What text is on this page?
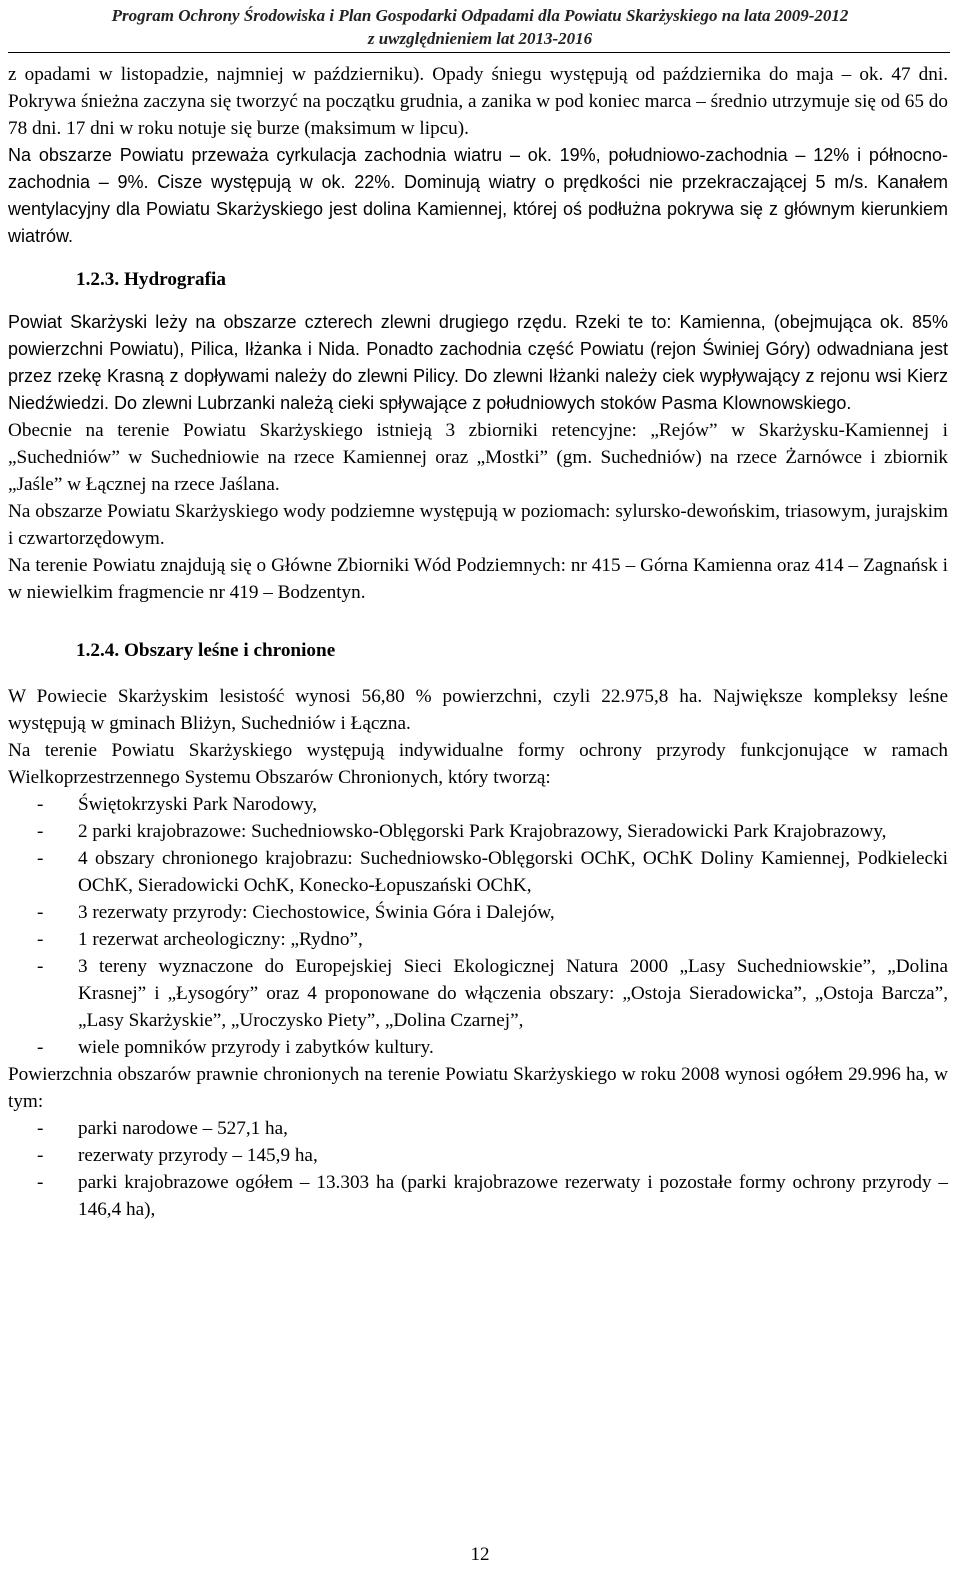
Program Ochrony Środowiska i Plan Gospodarki Odpadami dla Powiatu Skarżyskiego na lata 2009-2012
z uwzględnieniem lat 2013-2016

z opadami w listopadzie, najmniej w październiku). Opady śniegu występują od października do maja – ok. 47 dni. Pokrywa śnieżna zaczyna się tworzyć na początku grudnia, a zanika w pod koniec marca – średnio utrzymuje się od 65 do 78 dni. 17 dni w roku notuje się burze (maksimum w lipcu).

Na obszarze Powiatu przeważa cyrkulacja zachodnia wiatru – ok. 19%, południowo-zachodnia – 12% i północno-zachodnia – 9%. Cisze występują w ok. 22%. Dominują wiatry o prędkości nie przekraczającej 5 m/s. Kanałem wentylacyjny dla Powiatu Skarżyskiego jest dolina Kamiennej, której oś podłużna pokrywa się z głównym kierunkiem wiatrów.

1.2.3. Hydrografia

Powiat Skarżyski leży na obszarze czterech zlewni drugiego rzędu. Rzeki te to: Kamienna, (obejmująca ok. 85% powierzchni Powiatu), Pilica, Iłżanka i Nida. Ponadto zachodnia część Powiatu (rejon Świniej Góry) odwadniana jest przez rzekę Krasną z dopływami należy do zlewni Pilicy. Do zlewni Iłżanki należy ciek wypływający z rejonu wsi Kierz Niedźwiedzi. Do zlewni Lubrzanki należą cieki spływające z południowych stoków Pasma Klownowskiego.

Obecnie na terenie Powiatu Skarżyskiego istnieją 3 zbiorniki retencyjne: „Rejów” w Skarżysku-Kamiennej i „Suchedniów” w Suchedniowie na rzece Kamiennej oraz „Mostki” (gm. Suchedniów) na rzece Żarnówce i zbiornik „Jaśle” w Łącznej na rzece Jaślana.

Na obszarze Powiatu Skarżyskiego wody podziemne występują w poziomach: sylursko-dewońskim, triasowym, jurajskim i czwartorzędowym.

Na terenie Powiatu znajdują się o Główne Zbiorniki Wód Podziemnych: nr 415 – Górna Kamienna oraz 414 – Zagnańsk i w niewielkim fragmencie nr 419 – Bodzentyn.

1.2.4. Obszary leśne i chronione

W Powiecie Skarżyskim lesistość wynosi 56,80 % powierzchni, czyli 22.975,8 ha. Największe kompleksy leśne występują w gminach Bliżyn, Suchedniów i Łączna.

Na terenie Powiatu Skarżyskiego występują indywidualne formy ochrony przyrody funkcjonujące w ramach Wielkoprzestrzennego Systemu Obszarów Chronionych, który tworzą:

- Świętokrzyski Park Narodowy,
- 2 parki krajobrazowe: Suchedniowsko-Oblęgorski Park Krajobrazowy, Sieradowicki Park Krajobrazowy,
- 4 obszary chronionego krajobrazu: Suchedniowsko-Oblęgorski OChK, OChK Doliny Kamiennej, Podkielecki OChK, Sieradowicki OchK, Konecko-Łopuszański OChK,
- 3 rezerwaty przyrody: Ciechostowice, Świnia Góra i Dalejów,
- 1 rezerwat archeologiczny: „Rydno”,
- 3 tereny wyznaczone do Europejskiej Sieci Ekologicznej Natura 2000 „Lasy Suchedniowskie”, „Dolina Krasnej” i „Łysogóry” oraz 4 proponowane do włączenia obszary: „Ostoja Sieradowicka”, „Ostoja Barcza”, „Lasy Skarżyskie”, „Uroczysko Piety”, „Dolina Czarnej”,
- wiele pomników przyrody i zabytków kultury.

Powierzchnia obszarów prawnie chronionych na terenie Powiatu Skarżyskiego w roku 2008 wynosi ogółem 29.996 ha, w tym:

- parki narodowe – 527,1 ha,
- rezerwaty przyrody – 145,9 ha,
- parki krajobrazowe ogółem – 13.303 ha (parki krajobrazowe rezerwaty i pozostałe formy ochrony przyrody – 146,4 ha),
12
